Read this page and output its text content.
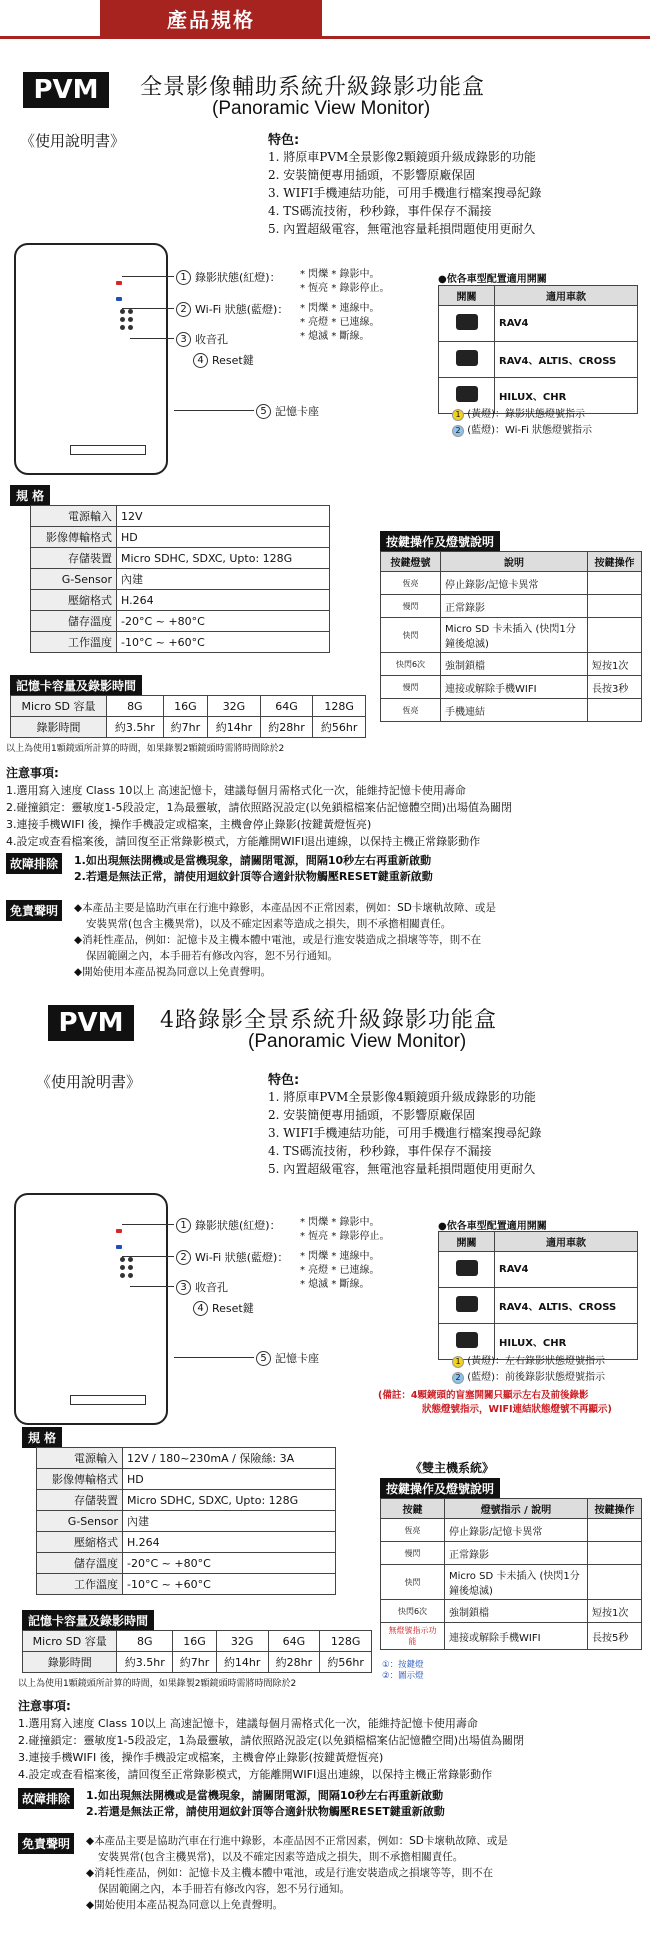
產品規格
PVM	全景影像輔助系統升級錄影功能盒
(Panoramic View Monitor)
《使用說明書》	特色:
1. 將原車PVM全景影像2顆鏡頭升級成錄影的功能
2. 安裝簡便專用插頭，不影響原廠保固
3. WIFI手機連結功能，可用手機進行檔案搜尋紀錄
4. TS碼流技術，秒秒錄，事件保存不漏接
5. 內置超級電容，無電池容量耗損問題使用更耐久
1 錄影狀態(紅燈)： * 閃爍 * 錄影中。
* 恆亮 * 錄影停止。
2 Wi-Fi 狀態(藍燈)： * 閃爍 * 連線中。
* 亮燈 * 已連線。
* 熄滅 * 斷線。
3 收音孔
4 Reset鍵
5 記憶卡座
●依各車型配置適用開關
開關	適用車款
	RAV4
	RAV4、ALTIS、CROSS
	HILUX、CHR
1 (黃燈)：錄影狀態燈號指示
2 (藍燈)：Wi-Fi 狀態燈號指示
規 格
電源輸入	12V
影像傳輸格式	HD
存儲裝置	Micro SDHC, SDXC, Upto: 128G
G-Sensor	內建
壓縮格式	H.264
儲存溫度	-20°C ~ +80°C
工作溫度	-10°C ~ +60°C
按鍵操作及燈號說明
按鍵燈號	說明	按鍵操作
恆亮	停止錄影/記憶卡異常	
慢閃	正常錄影	
快閃	Micro SD 卡未插入 (快閃1分鐘後熄滅)	
快閃6次	強制鎖檔	短按1次
慢閃	連接或解除手機WIFI	長按3秒
恆亮	手機連結	
記憶卡容量及錄影時間
Micro SD 容量	8G	16G	32G	64G	128G
錄影時間	約3.5hr	約7hr	約14hr	約28hr	約56hr
以上為使用1顆鏡頭所計算的時間，如果錄製2顆鏡頭時需將時間除於2
注意事項:
1.選用寫入速度 Class 10以上 高速記憶卡，建議每個月需格式化一次，能維持記憶卡使用壽命
2.碰撞鎖定：靈敏度1-5段設定，1為最靈敏，請依照路況設定(以免鎖檔檔案佔記憶體空間)出場值為關閉
3.連接手機WIFI 後，操作手機設定或檔案，主機會停止錄影(按鍵黃燈恆亮)
4.設定或查看檔案後，請回復至正常錄影模式，方能離開WIFI退出連線，以保持主機正常錄影動作
故障排除	1.如出現無法開機或是當機現象，請關閉電源，間隔10秒左右再重新啟動
2.若還是無法正常，請使用迴紋針頂等合適針狀物觸壓RESET鍵重新啟動
免責聲明	◆本產品主要是協助汽車在行進中錄影，本產品因不正常因素，例如：SD卡壞軌故障、或是
安裝異常(包含主機異常)，以及不確定因素等造成之損失，則不承擔相關責任。
◆消耗性產品，例如：記憶卡及主機本體中電池，或是行進安裝造成之損壞等等，則不在
保固範圍之內，本手冊若有修改內容，恕不另行通知。
◆開始使用本產品視為同意以上免責聲明。
PVM	4路錄影全景系統升級錄影功能盒
(Panoramic View Monitor)
《使用說明書》	特色:
1. 將原車PVM全景影像4顆鏡頭升級成錄影的功能
2. 安裝簡便專用插頭，不影響原廠保固
3. WIFI手機連結功能，可用手機進行檔案搜尋紀錄
4. TS碼流技術，秒秒錄，事件保存不漏接
5. 內置超級電容，無電池容量耗損問題使用更耐久
1 錄影狀態(紅燈)： * 閃爍 * 錄影中。
* 恆亮 * 錄影停止。
2 Wi-Fi 狀態(藍燈)： * 閃爍 * 連線中。
* 亮燈 * 已連線。
* 熄滅 * 斷線。
3 收音孔
4 Reset鍵
5 記憶卡座
●依各車型配置適用開關
開關	適用車款
	RAV4
	RAV4、ALTIS、CROSS
	HILUX、CHR
1 (黃燈)：左右錄影狀態燈號指示
2 (藍燈)：前後錄影狀態燈號指示
(備註：4顆鏡頭的盲塞開關只顯示左右及前後錄影
狀態燈號指示，WIFI連結狀態燈號不再顯示)
規 格
電源輸入	12V / 180~230mA / 保險絲: 3A
影像傳輸格式	HD
存儲裝置	Micro SDHC, SDXC, Upto: 128G
G-Sensor	內建
壓縮格式	H.264
儲存溫度	-20°C ~ +80°C
工作溫度	-10°C ~ +60°C
《雙主機系統》
按鍵操作及燈號說明
按鍵	燈號指示 / 說明	按鍵操作
恆亮	停止錄影/記憶卡異常	
慢閃	正常錄影	
快閃	Micro SD 卡未插入 (快閃1分鐘後熄滅)	
快閃6次	強制鎖檔	短按1次
無燈號指示功能	連接或解除手機WIFI	長按5秒
①：按鍵燈
②：圖示燈
記憶卡容量及錄影時間
Micro SD 容量	8G	16G	32G	64G	128G
錄影時間	約3.5hr	約7hr	約14hr	約28hr	約56hr
以上為使用1顆鏡頭所計算的時間，如果錄製2顆鏡頭時需將時間除於2
注意事項:
1.選用寫入速度 Class 10以上 高速記憶卡，建議每個月需格式化一次，能維持記憶卡使用壽命
2.碰撞鎖定：靈敏度1-5段設定，1為最靈敏，請依照路況設定(以免鎖檔檔案佔記憶體空間)出場值為關閉
3.連接手機WIFI 後，操作手機設定或檔案，主機會停止錄影(按鍵黃燈恆亮)
4.設定或查看檔案後，請回復至正常錄影模式，方能離開WIFI退出連線，以保持主機正常錄影動作
故障排除	1.如出現無法開機或是當機現象，請關閉電源，間隔10秒左右再重新啟動
2.若還是無法正常，請使用迴紋針頂等合適針狀物觸壓RESET鍵重新啟動
免責聲明	◆本產品主要是協助汽車在行進中錄影，本產品因不正常因素，例如：SD卡壞軌故障、或是
安裝異常(包含主機異常)，以及不確定因素等造成之損失，則不承擔相關責任。
◆消耗性產品，例如：記憶卡及主機本體中電池，或是行進安裝造成之損壞等等，則不在
保固範圍之內，本手冊若有修改內容，恕不另行通知。
◆開始使用本產品視為同意以上免責聲明。
